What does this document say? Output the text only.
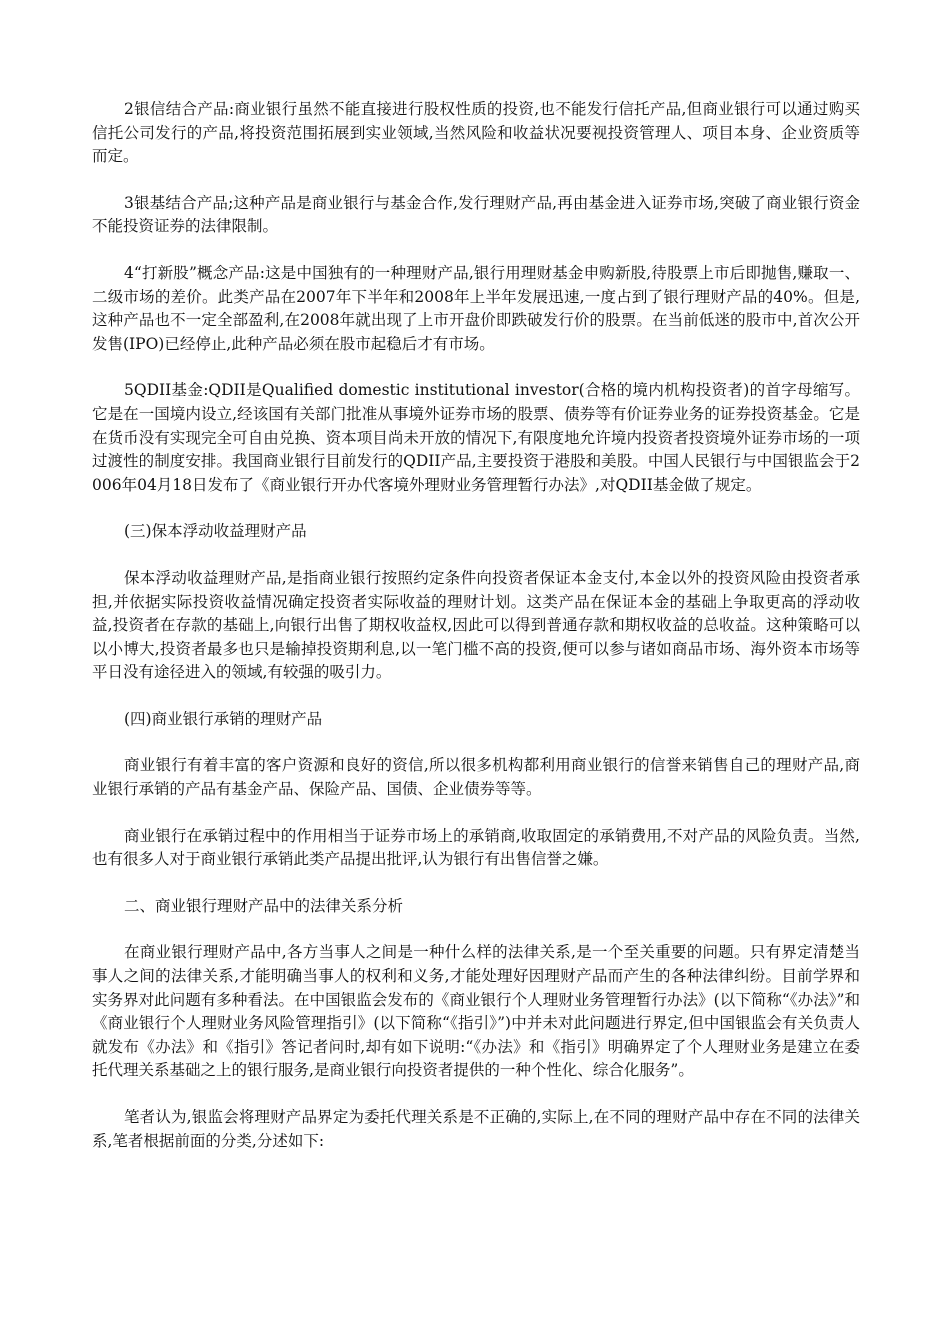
2银信结合产品:商业银行虽然不能直接进行股权性质的投资,也不能发行信托产品,但商业银行可以通过购买信托公司发行的产品,将投资范围拓展到实业领域,当然风险和收益状况要视投资管理人、项目本身、企业资质等而定。

3银基结合产品;这种产品是商业银行与基金合作,发行理财产品,再由基金进入证券市场,突破了商业银行资金不能投资证券的法律限制。

4“打新股”概念产品:这是中国独有的一种理财产品,银行用理财基金申购新股,待股票上市后即抛售,赚取一、二级市场的差价。此类产品在2007年下半年和2008年上半年发展迅速,一度占到了银行理财产品的40%。但是,这种产品也不一定全部盈利,在2008年就出现了上市开盘价即跌破发行价的股票。在当前低迷的股市中,首次公开发售(IPO)已经停止,此种产品必须在股市起稳后才有市场。

5QDII基金:QDII是Qualified domestic institutional investor(合格的境内机构投资者)的首字母缩写。它是在一国境内设立,经该国有关部门批准从事境外证券市场的股票、债券等有价证券业务的证券投资基金。它是在货币没有实现完全可自由兑换、资本项目尚未开放的情况下,有限度地允许境内投资者投资境外证券市场的一项过渡性的制度安排。我国商业银行目前发行的QDII产品,主要投资于港股和美股。中国人民银行与中国银监会于2006年04月18日发布了《商业银行开办代客境外理财业务管理暂行办法》,对QDII基金做了规定。

(三)保本浮动收益理财产品

保本浮动收益理财产品,是指商业银行按照约定条件向投资者保证本金支付,本金以外的投资风险由投资者承担,并依据实际投资收益情况确定投资者实际收益的理财计划。这类产品在保证本金的基础上争取更高的浮动收益,投资者在存款的基础上,向银行出售了期权收益权,因此可以得到普通存款和期权收益的总收益。这种策略可以以小博大,投资者最多也只是输掉投资期利息,以一笔门槛不高的投资,便可以参与诸如商品市场、海外资本市场等平日没有途径进入的领域,有较强的吸引力。

(四)商业银行承销的理财产品

商业银行有着丰富的客户资源和良好的资信,所以很多机构都利用商业银行的信誉来销售自己的理财产品,商业银行承销的产品有基金产品、保险产品、国债、企业债券等等。

商业银行在承销过程中的作用相当于证券市场上的承销商,收取固定的承销费用,不对产品的风险负责。当然,也有很多人对于商业银行承销此类产品提出批评,认为银行有出售信誉之嫌。

二、商业银行理财产品中的法律关系分析

在商业银行理财产品中,各方当事人之间是一种什么样的法律关系,是一个至关重要的问题。只有界定清楚当事人之间的法律关系,才能明确当事人的权利和义务,才能处理好因理财产品而产生的各种法律纠纷。目前学界和实务界对此问题有多种看法。在中国银监会发布的《商业银行个人理财业务管理暂行办法》(以下简称“《办法》”和《商业银行个人理财业务风险管理指引》(以下简称“《指引》”)中并未对此问题进行界定,但中国银监会有关负责人就发布《办法》和《指引》答记者问时,却有如下说明:“《办法》和《指引》明确界定了个人理财业务是建立在委托代理关系基础之上的银行服务,是商业银行向投资者提供的一种个性化、综合化服务”。

笔者认为,银监会将理财产品界定为委托代理关系是不正确的,实际上,在不同的理财产品中存在不同的法律关系,笔者根据前面的分类,分述如下:
